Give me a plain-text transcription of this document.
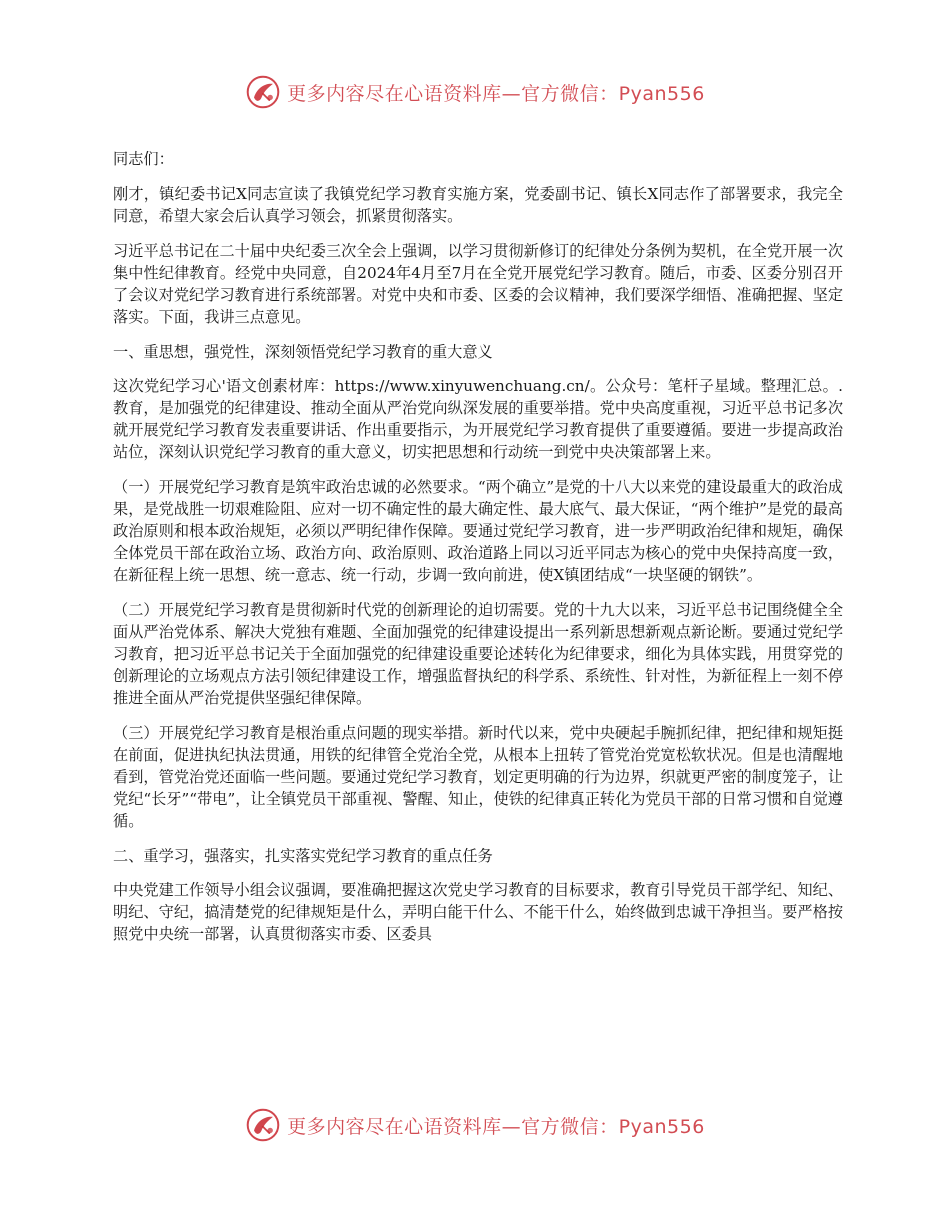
更多内容尽在心语资料库—官方微信：Pyan556

同志们：

刚才，镇纪委书记X同志宣读了我镇党纪学习教育实施方案，党委副书记、镇长X同志作了部署要求，我完全同意，希望大家会后认真学习领会，抓紧贯彻落实。

习近平总书记在二十届中央纪委三次全会上强调，以学习贯彻新修订的纪律处分条例为契机，在全党开展一次集中性纪律教育。经党中央同意，自2024年4月至7月在全党开展党纪学习教育。随后，市委、区委分别召开了会议对党纪学习教育进行系统部署。对党中央和市委、区委的会议精神，我们要深学细悟、准确把握、坚定落实。下面，我讲三点意见。

一、重思想，强党性，深刻领悟党纪学习教育的重大意义

这次党纪学习心'语文创素材库：https://www.xinyuwenchuang.cn/。公众号：笔杆子星域。整理汇总。.教育，是加强党的纪律建设、推动全面从严治党向纵深发展的重要举措。党中央高度重视，习近平总书记多次就开展党纪学习教育发表重要讲话、作出重要指示，为开展党纪学习教育提供了重要遵循。要进一步提高政治站位，深刻认识党纪学习教育的重大意义，切实把思想和行动统一到党中央决策部署上来。

（一）开展党纪学习教育是筑牢政治忠诚的必然要求。“两个确立”是党的十八大以来党的建设最重大的政治成果，是党战胜一切艰难险阻、应对一切不确定性的最大确定性、最大底气、最大保证，“两个维护”是党的最高政治原则和根本政治规矩，必须以严明纪律作保障。要通过党纪学习教育，进一步严明政治纪律和规矩，确保全体党员干部在政治立场、政治方向、政治原则、政治道路上同以习近平同志为核心的党中央保持高度一致，在新征程上统一思想、统一意志、统一行动，步调一致向前进，使X镇团结成“一块坚硬的钢铁”。

（二）开展党纪学习教育是贯彻新时代党的创新理论的迫切需要。党的十九大以来，习近平总书记围绕健全全面从严治党体系、解决大党独有难题、全面加强党的纪律建设提出一系列新思想新观点新论断。要通过党纪学习教育，把习近平总书记关于全面加强党的纪律建设重要论述转化为纪律要求，细化为具体实践，用贯穿党的创新理论的立场观点方法引领纪律建设工作，增强监督执纪的科学系、系统性、针对性，为新征程上一刻不停推进全面从严治党提供坚强纪律保障。

（三）开展党纪学习教育是根治重点问题的现实举措。新时代以来，党中央硬起手腕抓纪律，把纪律和规矩挺在前面，促进执纪执法贯通，用铁的纪律管全党治全党，从根本上扭转了管党治党宽松软状况。但是也清醒地看到，管党治党还面临一些问题。要通过党纪学习教育，划定更明确的行为边界，织就更严密的制度笼子，让党纪“长牙”“带电”，让全镇党员干部重视、警醒、知止，使铁的纪律真正转化为党员干部的日常习惯和自觉遵循。

二、重学习，强落实，扎实落实党纪学习教育的重点任务

中央党建工作领导小组会议强调，要准确把握这次党史学习教育的目标要求，教育引导党员干部学纪、知纪、明纪、守纪，搞清楚党的纪律规矩是什么，弄明白能干什么、不能干什么，始终做到忠诚干净担当。要严格按照党中央统一部署，认真贯彻落实市委、区委具

更多内容尽在心语资料库—官方微信：Pyan556
